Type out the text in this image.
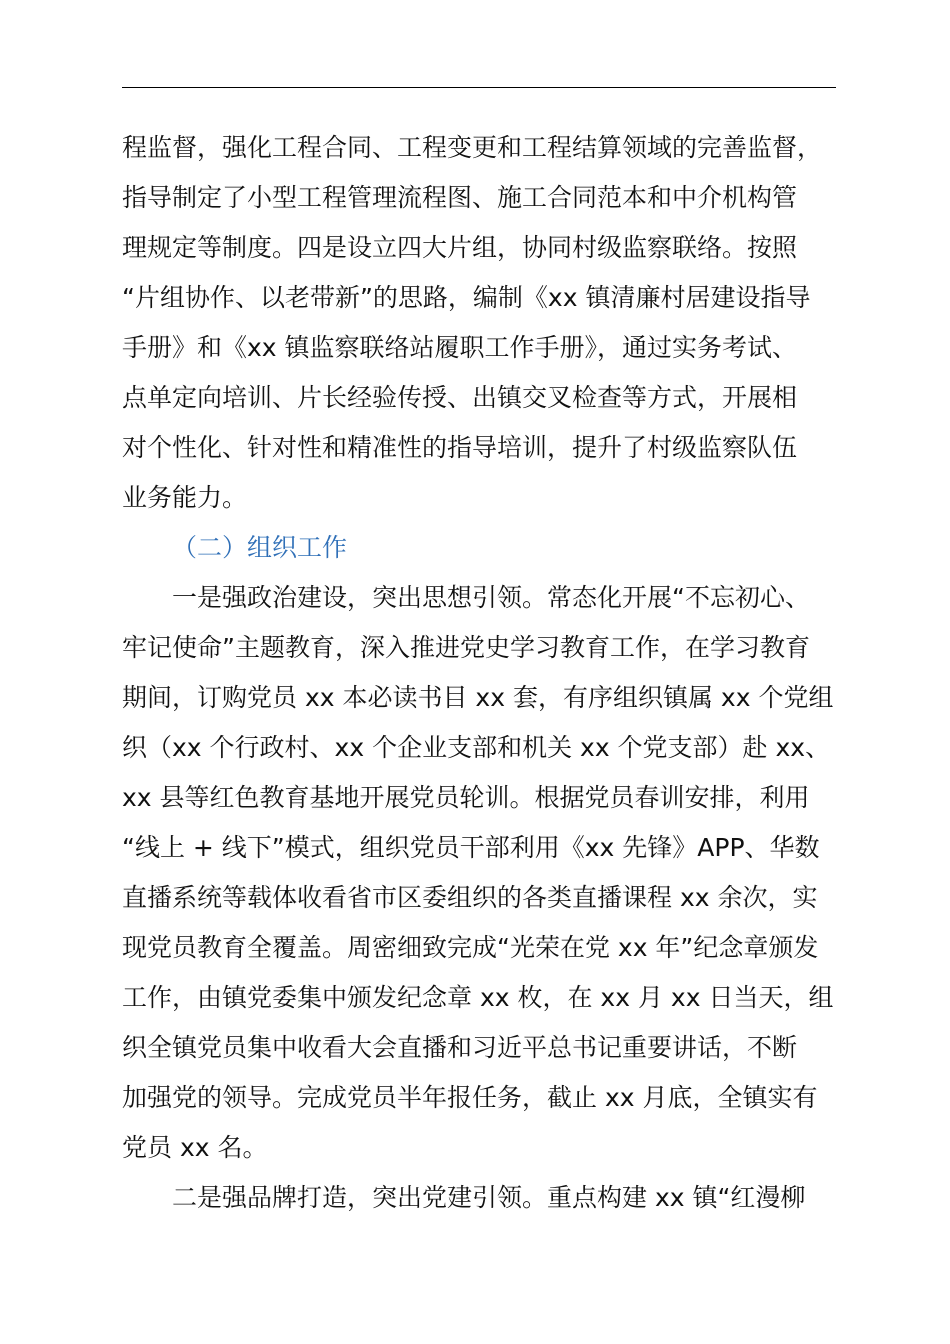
程监督，强化工程合同、工程变更和工程结算领域的完善监督，
指导制定了小型工程管理流程图、施工合同范本和中介机构管
理规定等制度。四是设立四大片组，协同村级监察联络。按照
“片组协作、以老带新”的思路，编制《xx 镇清廉村居建设指导
手册》和《xx 镇监察联络站履职工作手册》，通过实务考试、
点单定向培训、片长经验传授、出镇交叉检查等方式，开展相
对个性化、针对性和精准性的指导培训，提升了村级监察队伍
业务能力。
（二）组织工作
一是强政治建设，突出思想引领。常态化开展“不忘初心、
牢记使命”主题教育，深入推进党史学习教育工作，在学习教育
期间，订购党员 xx 本必读书目 xx 套，有序组织镇属 xx 个党组
织（xx 个行政村、xx 个企业支部和机关 xx 个党支部）赴 xx、
xx 县等红色教育基地开展党员轮训。根据党员春训安排，利用
“线上 + 线下”模式，组织党员干部利用《xx 先锋》APP、华数
直播系统等载体收看省市区委组织的各类直播课程 xx 余次，实
现党员教育全覆盖。周密细致完成“光荣在党 xx 年”纪念章颁发
工作，由镇党委集中颁发纪念章 xx 枚，在 xx 月 xx 日当天，组
织全镇党员集中收看大会直播和习近平总书记重要讲话，不断
加强党的领导。完成党员半年报任务，截止 xx 月底，全镇实有
党员 xx 名。
二是强品牌打造，突出党建引领。重点构建 xx 镇“红漫柳
